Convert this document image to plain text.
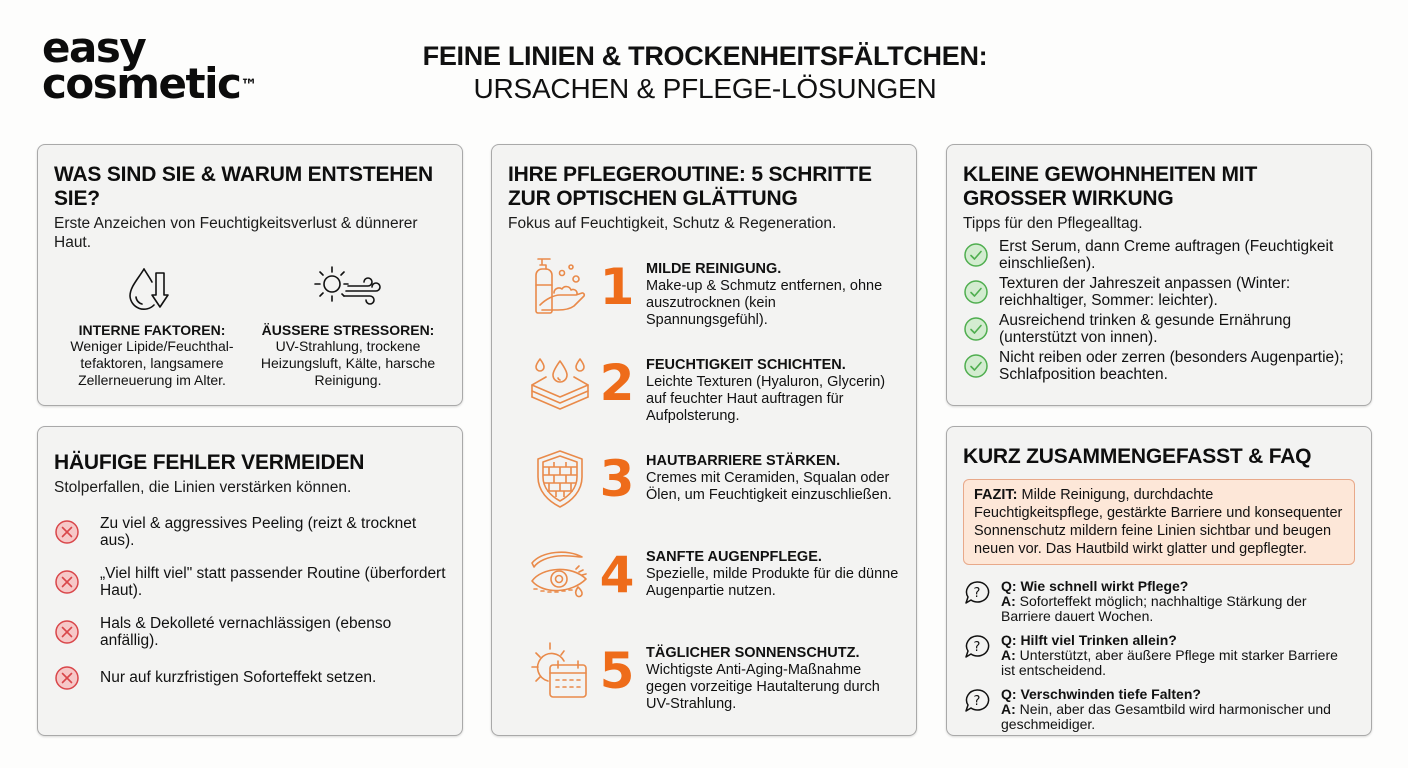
easy
cosmetic™
FEINE LINIEN & TROCKENHEITSFÄLTCHEN:
URSACHEN & PFLEGE-LÖSUNGEN
WAS SIND SIE & WARUM ENTSTEHEN SIE?
Erste Anzeichen von Feuchtigkeitsverlust & dünnerer Haut.
INTERNE FAKTOREN:
Weniger Lipide/Feuchthal-tefaktoren, langsamere Zellerneuerung im Alter.
ÄUSSERE STRESSOREN:
UV-Strahlung, trockene Heizungsluft, Kälte, harsche Reinigung.
HÄUFIGE FEHLER VERMEIDEN
Stolperfallen, die Linien verstärken können.
Zu viel & aggressives Peeling (reizt & trocknet aus).
„Viel hilft viel" statt passender Routine (überfordert Haut).
Hals & Dekolleté vernachlässigen (ebenso anfällig).
Nur auf kurzfristigen Soforteffekt setzen.
IHRE PFLEGEROUTINE: 5 SCHRITTE ZUR OPTISCHEN GLÄTTUNG
Fokus auf Feuchtigkeit, Schutz & Regeneration.
1 MILDE REINIGUNG.
Make-up & Schmutz entfernen, ohne auszutrocknen (kein Spannungsgefühl).
2 FEUCHTIGKEIT SCHICHTEN.
Leichte Texturen (Hyaluron, Glycerin) auf feuchter Haut auftragen für Aufpolsterung.
3 HAUTBARRIERE STÄRKEN.
Cremes mit Ceramiden, Squalan oder Ölen, um Feuchtigkeit einzuschließen.
4 SANFTE AUGENPFLEGE.
Spezielle, milde Produkte für die dünne Augenpartie nutzen.
5 TÄGLICHER SONNENSCHUTZ.
Wichtigste Anti-Aging-Maßnahme gegen vorzeitige Hautalterung durch UV-Strahlung.
KLEINE GEWOHNHEITEN MIT GROSSER WIRKUNG
Tipps für den Pflegealltag.
Erst Serum, dann Creme auftragen (Feuchtigkeit einschließen).
Texturen der Jahreszeit anpassen (Winter: reichhaltiger, Sommer: leichter).
Ausreichend trinken & gesunde Ernährung (unterstützt von innen).
Nicht reiben oder zerren (besonders Augenpartie); Schlafposition beachten.
KURZ ZUSAMMENGEFASST & FAQ
FAZIT: Milde Reinigung, durchdachte Feuchtigkeitspflege, gestärkte Barriere und konsequenter Sonnenschutz mildern feine Linien sichtbar und beugen neuen vor. Das Hautbild wirkt glatter und gepflegter.
? Q: Wie schnell wirkt Pflege?
A: Soforteffekt möglich; nachhaltige Stärkung der Barriere dauert Wochen.
? Q: Hilft viel Trinken allein?
A: Unterstützt, aber äußere Pflege mit starker Barriere ist entscheidend.
? Q: Verschwinden tiefe Falten?
A: Nein, aber das Gesamtbild wird harmonischer und geschmeidiger.
